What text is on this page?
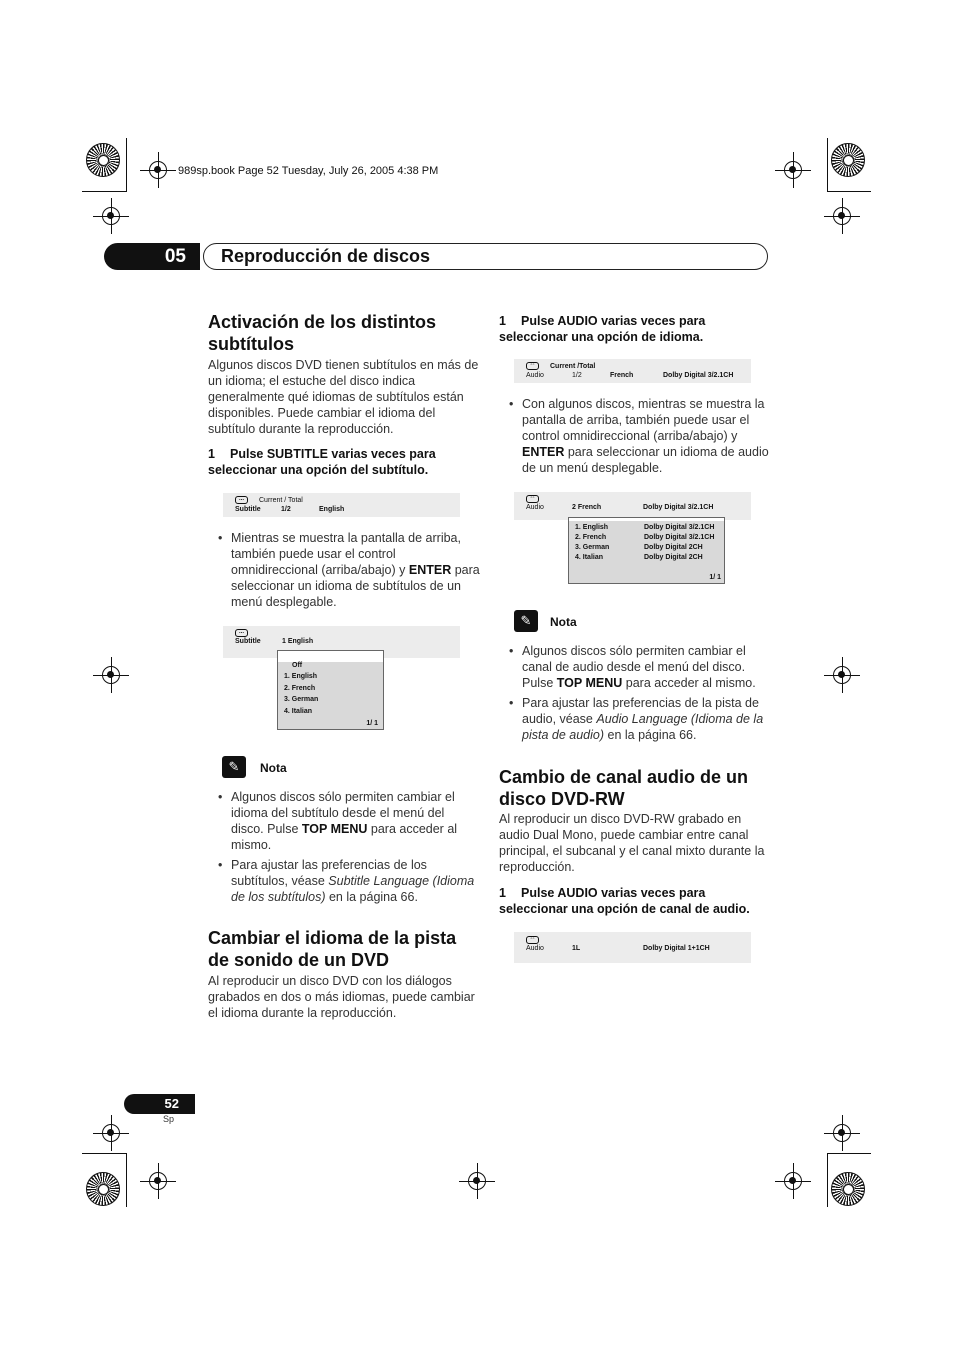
989sp.book Page 52 Tuesday, July 26, 2005 4:38 PM
05	Reproducción de discos
Activación de los distintos subtítulos
Algunos discos DVD tienen subtítulos en más de un idioma; el estuche del disco indica generalmente qué idiomas de subtítulos están disponibles. Puede cambiar el idioma del subtítulo durante la reproducción.
1 Pulse SUBTITLE varias veces para seleccionar una opción del subtítulo.
...	Current / Total
Subtitle	1/2	English
• Mientras se muestra la pantalla de arriba, también puede usar el control omnidireccional (arriba/abajo) y ENTER para seleccionar un idioma de subtítulos de un menú desplegable.
...
Subtitle	1 English
Off
1. English
2. French
3. German
4. Italian
1/ 1
✎	Nota
• Algunos discos sólo permiten cambiar el idioma del subtítulo desde el menú del disco. Pulse TOP MENU para acceder al mismo.
• Para ajustar las preferencias de los subtítulos, véase Subtitle Language (Idioma de los subtítulos) en la página 66.
Cambiar el idioma de la pista de sonido de un DVD
Al reproducir un disco DVD con los diálogos grabados en dos o más idiomas, puede cambiar el idioma durante la reproducción.
1 Pulse AUDIO varias veces para seleccionar una opción de idioma.
◦◦	Current /Total
Audio	1/2	French	Dolby Digital 3/2.1CH
• Con algunos discos, mientras se muestra la pantalla de arriba, también puede usar el control omnidireccional (arriba/abajo) y ENTER para seleccionar un idioma de audio de un menú desplegable.
◦◦
Audio	2 French	Dolby Digital 3/2.1CH
1. English	Dolby Digital 3/2.1CH
2. French	Dolby Digital 3/2.1CH
3. German	Dolby Digital 2CH
4. Italian	Dolby Digital 2CH
1/ 1
✎	Nota
• Algunos discos sólo permiten cambiar el canal de audio desde el menú del disco. Pulse TOP MENU para acceder al mismo.
• Para ajustar las preferencias de la pista de audio, véase Audio Language (Idioma de la pista de audio) en la página 66.
Cambio de canal audio de un disco DVD-RW
Al reproducir un disco DVD-RW grabado en audio Dual Mono, puede cambiar entre canal principal, el subcanal y el canal mixto durante la reproducción.
1 Pulse AUDIO varias veces para seleccionar una opción de canal de audio.
◦◦
Audio	1L	Dolby Digital 1+1CH
52
Sp
